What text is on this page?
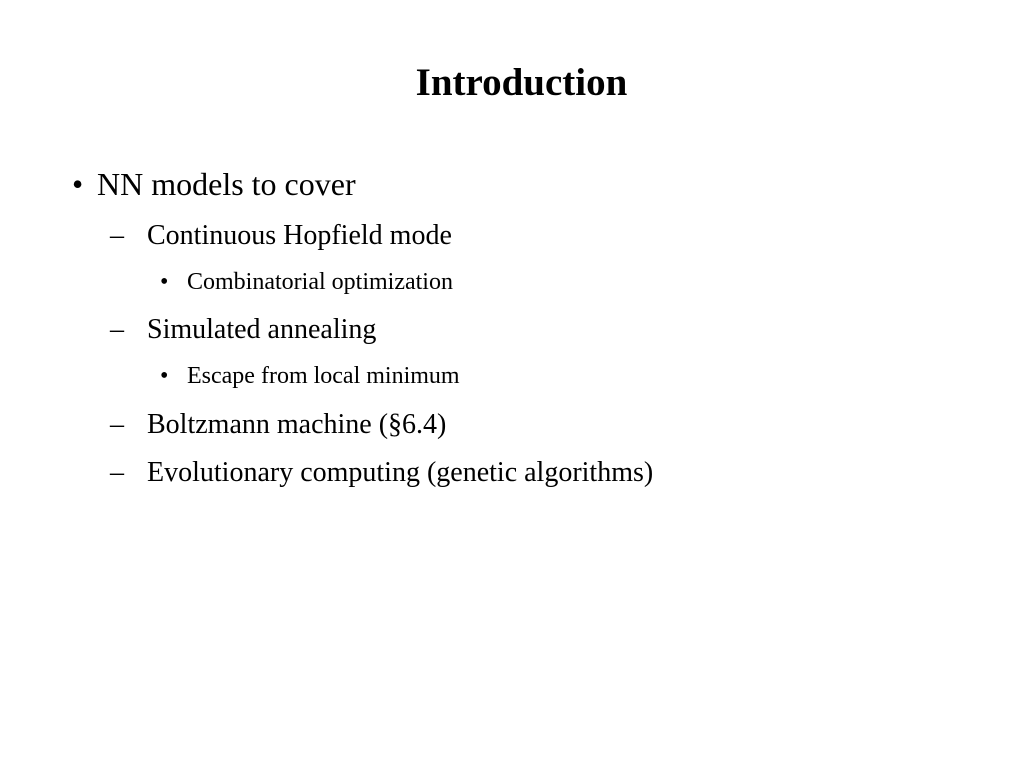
Introduction
• NN models to cover
– Continuous Hopfield mode
• Combinatorial optimization
– Simulated annealing
• Escape from local minimum
– Boltzmann machine (§6.4)
– Evolutionary computing (genetic algorithms)
